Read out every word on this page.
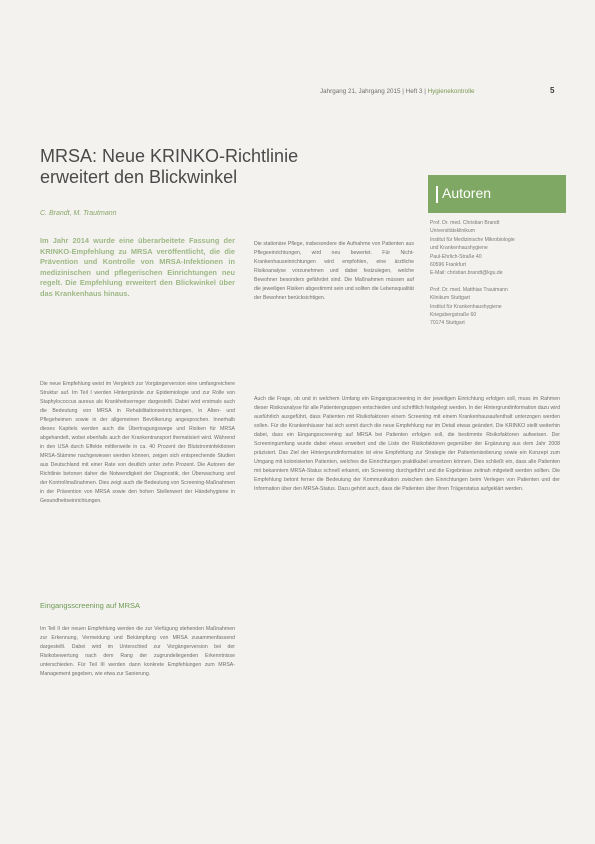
Jahrgang 21, Jahrgang 2015 | Heft 3 | Hygienekontrolle	5
MRSA: Neue KRINKO-Richtlinie erweitert den Blickwinkel
C. Brandt, M. Trautmann
Autoren
Prof. Dr. med. Christian Brandt
Universitätsklinikum
Institut für Medizinische Mikrobiologie
und Krankenhaushygiene
Paul-Ehrlich-Straße 40
60596 Frankfurt
E-Mail: christian.brandt@kgu.de
Prof. Dr. med. Matthias Trautmann
Klinikum Stuttgart
Institut für Krankenhaushygiene
Kriegsbergstraße 60
70174 Stuttgart

Im Jahr 2014 wurde eine überarbeitete Fassung der KRINKO-Empfehlung zu MRSA veröffentlicht, die die Prävention und Kontrolle von MRSA-Infektionen in medizinischen und pflegerischen Einrichtungen neu regelt. Die Empfehlung erweitert den Blickwinkel über das Krankenhaus hinaus.

Die neue Empfehlung weist im Vergleich zur Vorgängerversion eine umfangreichere Struktur auf. Im Teil I werden Hintergründe zur Epidemiologie und zur Rolle von Staphylococcus aureus als Krankheitserreger dargestellt. Dabei wird erstmals auch die Bedeutung von MRSA in Rehabilitationseinrichtungen, in Alten- und Pflegeheimen sowie in der allgemeinen Bevölkerung angesprochen. Innerhalb dieses Kapitels werden auch die Übertragungswege und Risiken für MRSA abgehandelt, wobei ebenfalls auch der Krankentransport thematisiert wird. Während in den USA durch Effekte mittlerweile in ca. 40 Prozent der Blutstrominfektionen MRSA-Stämme nachgewiesen werden können, zeigen sich entsprechende Studien aus Deutschland mit einer Rate von deutlich unter zehn Prozent. Die Autoren der Richtlinie betonen daher die Notwendigkeit der Diagnostik, der Überwachung und der Kontrollmaßnahmen. Dies zeigt auch die Bedeutung von Screening-Maßnahmen in der Prävention von MRSA sowie den hohen Stellenwert der Händehygiene in Gesundheitseinrichtungen.

Eingangsscreening auf MRSA

Im Teil II der neuen Empfehlung werden die zur Verfügung stehenden Maßnahmen zur Erkennung, Vermeidung und Bekämpfung von MRSA zusammenfassend dargestellt. Dabei wird im Unterschied zur Vorgängerversion bei der Risikobewertung nach dem Rang der zugrundeliegenden Erkenntnisse unterschieden. Für Teil III werden dann konkrete Empfehlungen zum MRSA-Management gegeben, wie etwa zur Sanierung.

Die stationäre Pflege, insbesondere die Aufnahme von Patienten aus Pflegeeinrichtungen, wird neu bewertet. Für Nicht-Krankenhauseinrichtungen wird empfohlen, eine ärztliche Risikoanalyse vorzunehmen und dabei festzulegen, welche Bewohner besonders gefährdet sind. Die Maßnahmen müssen auf die jeweiligen Risiken abgestimmt sein und sollten die Lebensqualität der Bewohner berücksichtigen.

Auch die Frage, ob und in welchem Umfang ein Eingangsscreening in der jeweiligen Einrichtung erfolgen soll, muss im Rahmen dieser Risikoanalyse für alle Patientengruppen entschieden und schriftlich festgelegt werden. In der Hintergrundinformation dazu wird ausführlich ausgeführt, dass Patienten mit Risikofaktoren einem Screening mit einem Krankenhausaufenthalt unterzogen werden sollen. Für die Krankenhäuser hat sich somit durch die neue Empfehlung nur im Detail etwas geändert. Die KRINKO stellt weiterhin dabei, dass ein Eingangsscreening auf MRSA bei Patienten erfolgen soll, die bestimmte Risikofaktoren aufweisen. Der Screeningumfang wurde dabei etwas erweitert und die Liste der Risikofaktoren gegenüber der Ergänzung aus dem Jahr 2008 präzisiert. Das Ziel der Hintergrundinformation ist eine Empfehlung zur Strategie der Patientenisolierung sowie ein Konzept zum Umgang mit kolonisierten Patienten, welches die Einrichtungen praktikabel umsetzen können. Dies schließt ein, dass alle Patienten mit bekanntem MRSA-Status schnell erkannt, ein Screening durchgeführt und die Ergebnisse zeitnah mitgeteilt werden sollten. Die Empfehlung betont ferner die Bedeutung der Kommunikation zwischen den Einrichtungen beim Verlegen von Patienten und der Information über den MRSA-Status. Dazu gehört auch, dass die Patienten über ihren Trägerstatus aufgeklärt werden.
